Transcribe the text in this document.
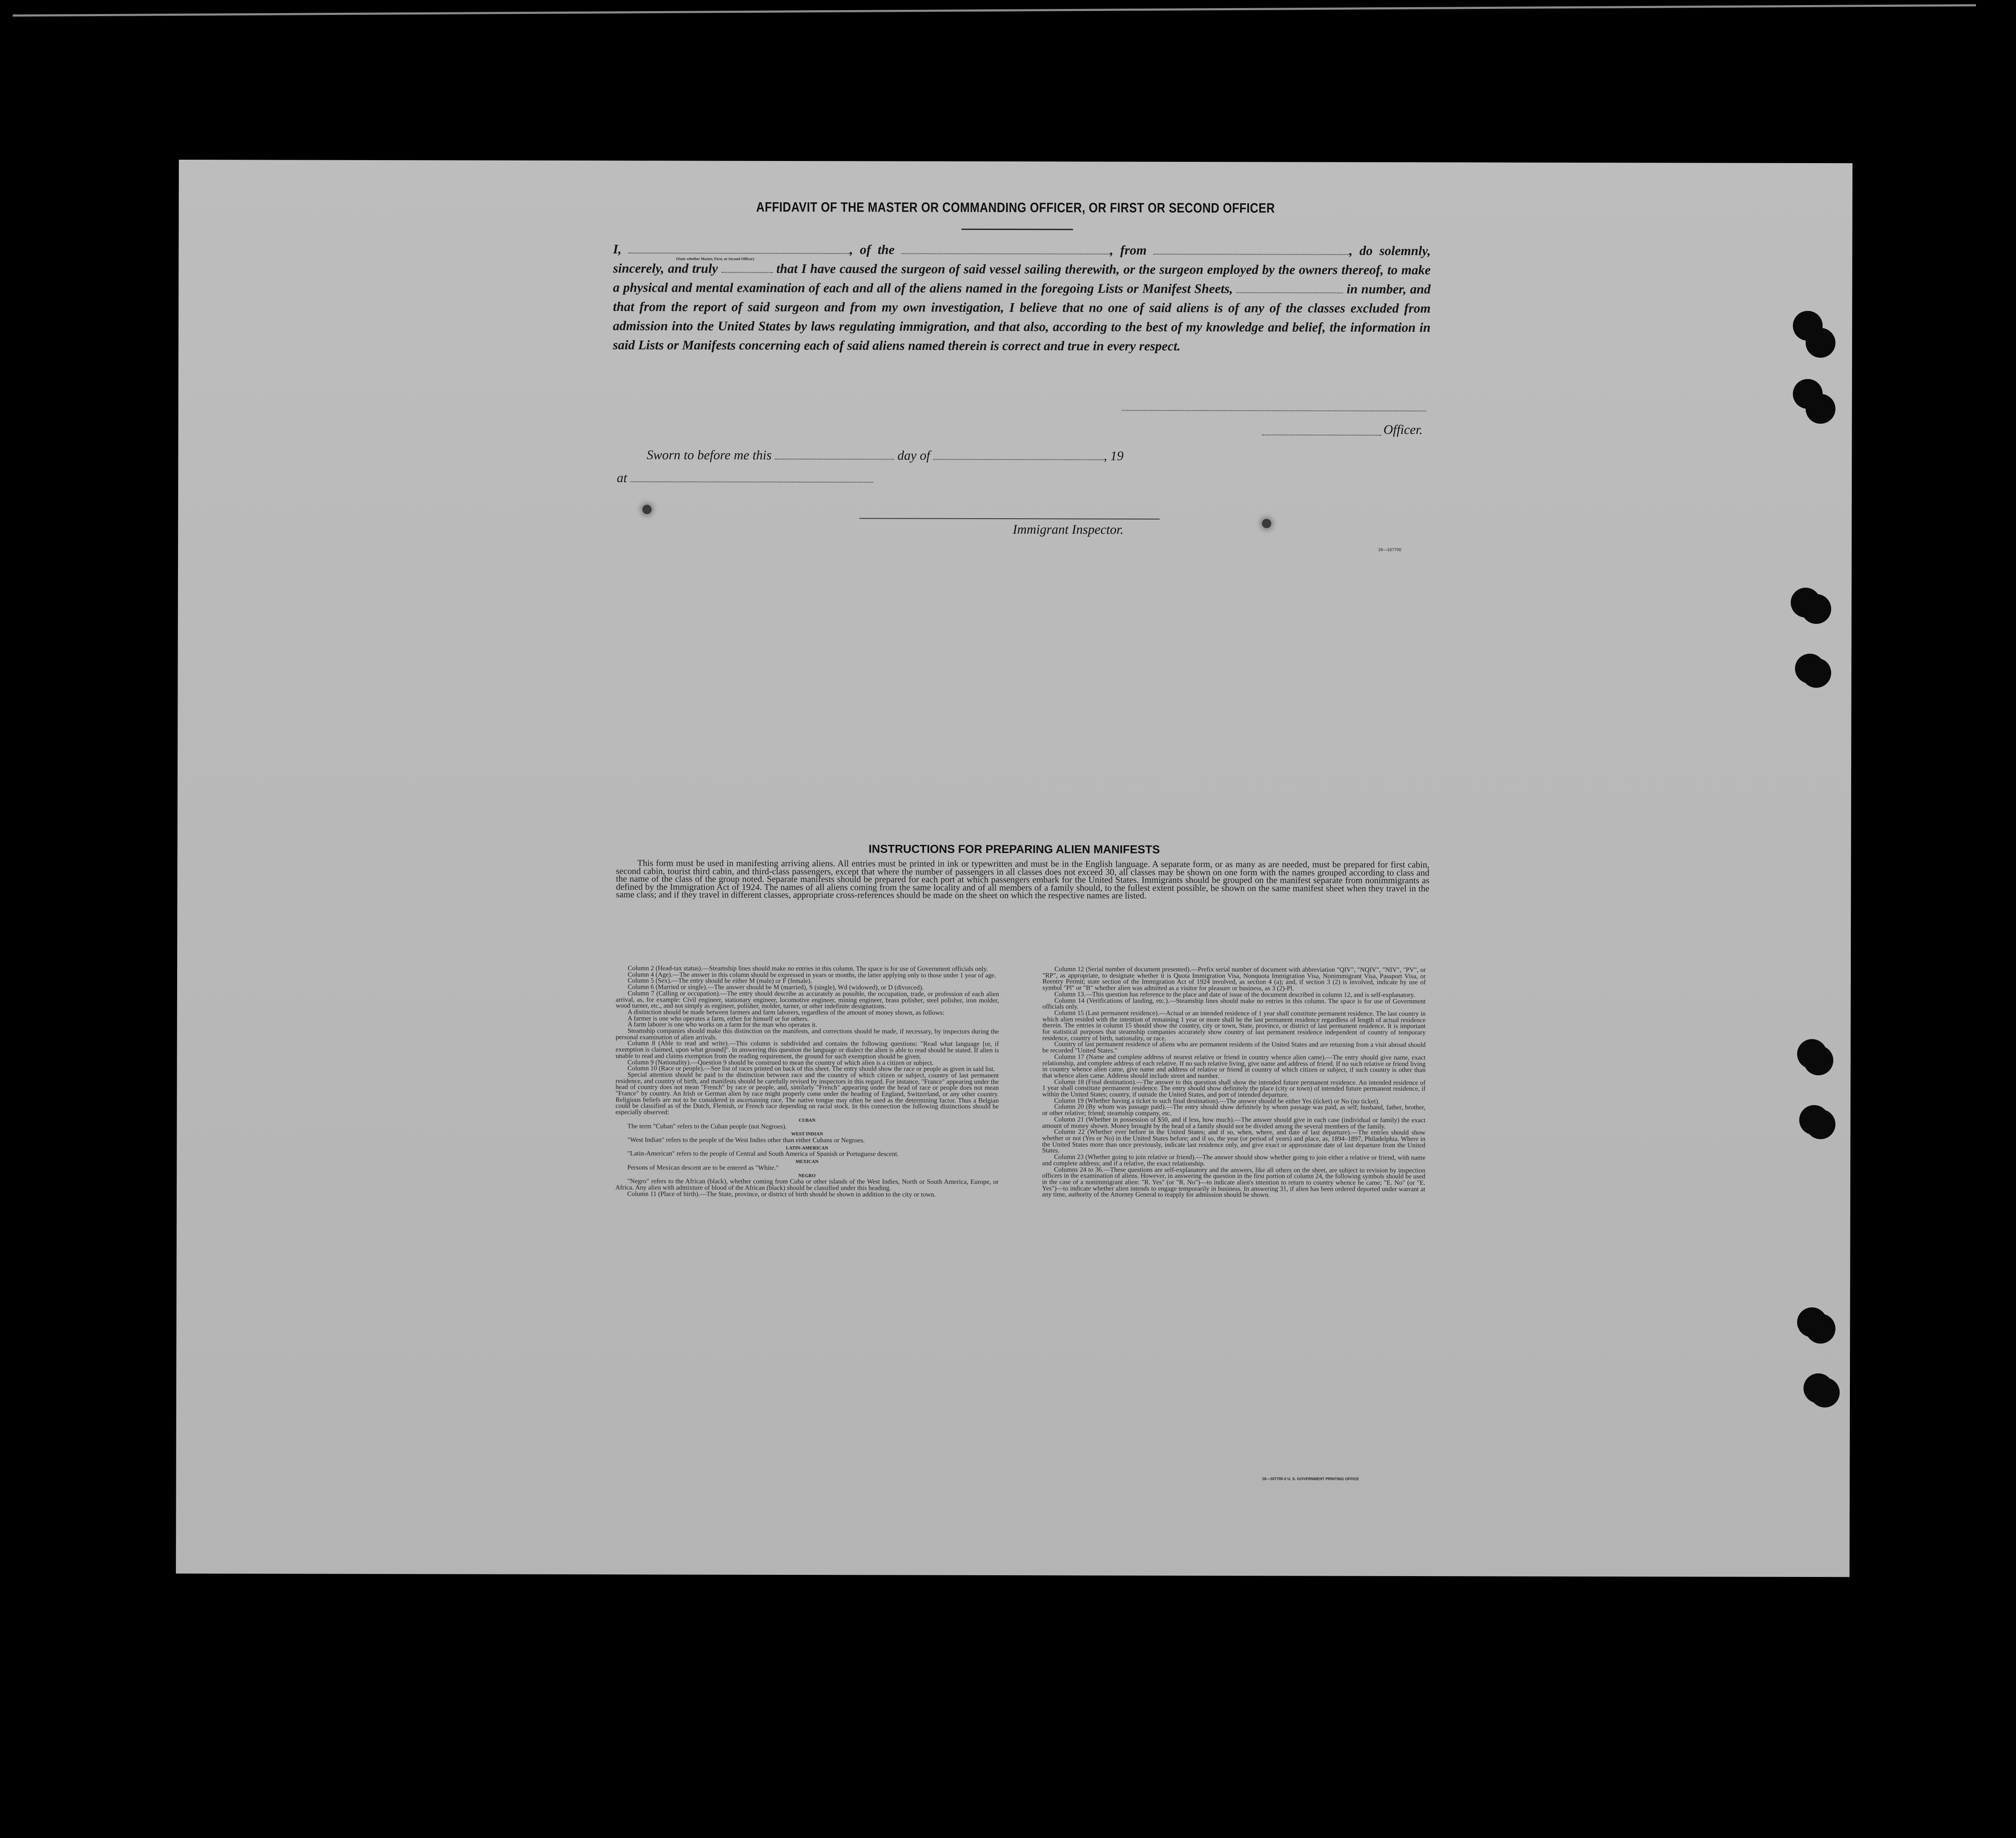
AFFIDAVIT OF THE MASTER OR COMMANDING OFFICER, OR FIRST OR SECOND OFFICER
I,	, of the	, from	, do solemnly, sincerely, and truly	that I have caused the surgeon of said vessel sailing therewith, or the surgeon employed by the owners thereof, to make a physical and mental examination of each and all of the aliens named in the foregoing Lists or Manifest Sheets,	in number, and that from the report of said surgeon and from my own investigation, I believe that no one of said aliens is of any of the classes excluded from admission into the United States by laws regulating immigration, and that also, according to the best of my knowledge and belief, the information in said Lists or Manifests concerning each of said aliens named therein is correct and true in every respect.
(State whether Master, First, or Second Officer)
Officer.
Sworn to before me this	day of	, 19
at
Immigrant Inspector.
16—167700
INSTRUCTIONS FOR PREPARING ALIEN MANIFESTS
This form must be used in manifesting arriving aliens. All entries must be printed in ink or typewritten and must be in the English language. A separate form, or as many as are needed, must be prepared for first cabin, second cabin, tourist third cabin, and third-class passengers, except that where the number of passengers in all classes does not exceed 30, all classes may be shown on one form with the names grouped according to class and the name of the class of the group noted. Separate manifests should be prepared for each port at which passengers embark for the United States. Immigrants should be grouped on the manifest separate from nonimmigrants as defined by the Immigration Act of 1924. The names of all aliens coming from the same locality and of all members of a family should, to the fullest extent possible, be shown on the same manifest sheet when they travel in the same class; and if they travel in different classes, appropriate cross-references should be made on the sheet on which the respective names are listed.

Column 2 (Head-tax status).—Steamship lines should make no entries in this column. The space is for use of Government officials only.

Column 4 (Age).—The answer in this column should be expressed in years or months, the latter applying only to those under 1 year of age.

Column 5 (Sex).—The entry should be either M (male) or F (female).

Column 6 (Married or single).—The answer should be M (married), S (single), Wd (widowed), or D (divorced).

Column 7 (Calling or occupation).—The entry should describe as accurately as possible, the occupation, trade, or profession of each alien arrival, as, for example: Civil engineer, stationary engineer, locomotive engineer, mining engineer, brass polisher, steel polisher, iron molder, wood turner, etc., and not simply as engineer, polisher, molder, turner, or other indefinite designations.

A distinction should be made between farmers and farm laborers, regardless of the amount of money shown, as follows:

A farmer is one who operates a farm, either for himself or for others.

A farm laborer is one who works on a farm for the man who operates it.

Steamship companies should make this distinction on the manifests, and corrections should be made, if necessary, by inspectors during the personal examination of alien arrivals.

Column 8 (Able to read and write).—This column is subdivided and contains the following questions: "Read what language [or, if exemption is claimed, upon what ground]". In answering this question the language or dialect the alien is able to read should be stated. If alien is unable to read and claims exemption from the reading requirement, the ground for such exemption should be given.

Column 9 (Nationality).—Question 9 should be construed to mean the country of which alien is a citizen or subject.

Column 10 (Race or people).—See list of races printed on back of this sheet. The entry should show the race or people as given in said list.

Special attention should be paid to the distinction between race and the country of which citizen or subject, country of last permanent residence, and country of birth, and manifests should be carefully revised by inspectors in this regard. For instance, "France" appearing under the head of country does not mean "French" by race or people, and, similarly "French" appearing under the head of race or people does not mean "France" by country. An Irish or German alien by race might properly come under the heading of England, Switzerland, or any other country. Religious beliefs are not to be considered in ascertaining race. The native tongue may often be used as the determining factor. Thus a Belgian could be classified as of the Dutch, Flemish, or French race depending on racial stock. In this connection the following distinctions should be especially observed:

CUBAN

The term "Cuban" refers to the Cuban people (not Negroes).

WEST INDIAN

"West Indian" refers to the people of the West Indies other than either Cubans or Negroes.

LATIN-AMERICAN

"Latin-American" refers to the people of Central and South America of Spanish or Portuguese descent.

MEXICAN

Persons of Mexican descent are to be entered as "White."

NEGRO

"Negro" refers to the African (black), whether coming from Cuba or other islands of the West Indies, North or South America, Europe, or Africa. Any alien with admixture of blood of the African (black) should be classified under this heading.

Column 11 (Place of birth).—The State, province, or district of birth should be shown in addition to the city or town.

Column 12 (Serial number of document presented).—Prefix serial number of document with abbreviation "QIV", "NQIV", "NIV", "PV", or "RP", as appropriate, to designate whether it is Quota Immigration Visa, Nonquota Immigration Visa, Nonimmigrant Visa, Passport Visa, or Reentry Permit; state section of the Immigration Act of 1924 involved, as section 4 (a); and, if section 3 (2) is involved, indicate by use of symbol "Pl" or "B" whether alien was admitted as a visitor for pleasure or business, as 3 (2)-Pl.

Column 13.—This question has reference to the place and date of issue of the document described in column 12, and is self-explanatory.

Column 14 (Verifications of landing, etc.).—Steamship lines should make no entries in this column. The space is for use of Government officials only.

Column 15 (Last permanent residence).—Actual or an intended residence of 1 year shall constitute permanent residence. The last country in which alien resided with the intention of remaining 1 year or more shall be the last permanent residence regardless of length of actual residence therein. The entries in column 15 should show the country, city or town, State, province, or district of last permanent residence. It is important for statistical purposes that steamship companies accurately show country of last permanent residence independent of country of temporary residence, country of birth, nationality, or race.

Country of last permanent residence of aliens who are permanent residents of the United States and are returning from a visit abroad should be recorded "United States."

Column 17 (Name and complete address of nearest relative or friend in country whence alien came).—The entry should give name, exact relationship, and complete address of each relative. If no such relative living, give name and address of friend. If no such relative or friend living in country whence alien came, give name and address of relative or friend in country of which citizen or subject, if such country is other than that whence alien came. Address should include street and number.

Column 18 (Final destination).—The answer to this question shall show the intended future permanent residence. An intended residence of 1 year shall constitute permanent residence. The entry should show definitely the place (city or town) of intended future permanent residence, if within the United States; country, if outside the United States, and port of intended departure.

Column 19 (Whether having a ticket to such final destination).—The answer should be either Yes (ticket) or No (no ticket).

Column 20 (By whom was passage paid).—The entry should show definitely by whom passage was paid, as self; husband, father, brother, or other relative; friend; steamship company, etc.

Column 21 (Whether in possession of $50, and if less, how much).—The answer should give in each case (individual or family) the exact amount of money shown. Money brought by the head of a family should not be divided among the several members of the family.

Column 22 (Whether ever before in the United States; and if so, when, where, and date of last departure).—The entries should show whether or not (Yes or No) in the United States before; and if so, the year (or period of years) and place, as, 1894–1897, Philadelphia. Where in the United States more than once previously, indicate last residence only, and give exact or approximate date of last departure from the United States.

Column 23 (Whether going to join relative or friend).—The answer should show whether going to join either a relative or friend, with name and complete address; and if a relative, the exact relationship.

Columns 24 to 36.—These questions are self-explanatory and the answers, like all others on the sheet, are subject to revision by inspection officers in the examination of aliens. However, in answering the question in the first portion of column 24, the following symbols should be used in the case of a nonimmigrant alien: "R. Yes" (or "R. No")—to indicate alien's intention to return to country whence he came; "E. No" (or "E. Yes")—to indicate whether alien intends to engage temporarily in business. In answering 31, if alien has been ordered deported under warrant at any time, authority of the Attorney General to reapply for admission should be shown.

16—167700-2 U. S. GOVERNMENT PRINTING OFFICE
